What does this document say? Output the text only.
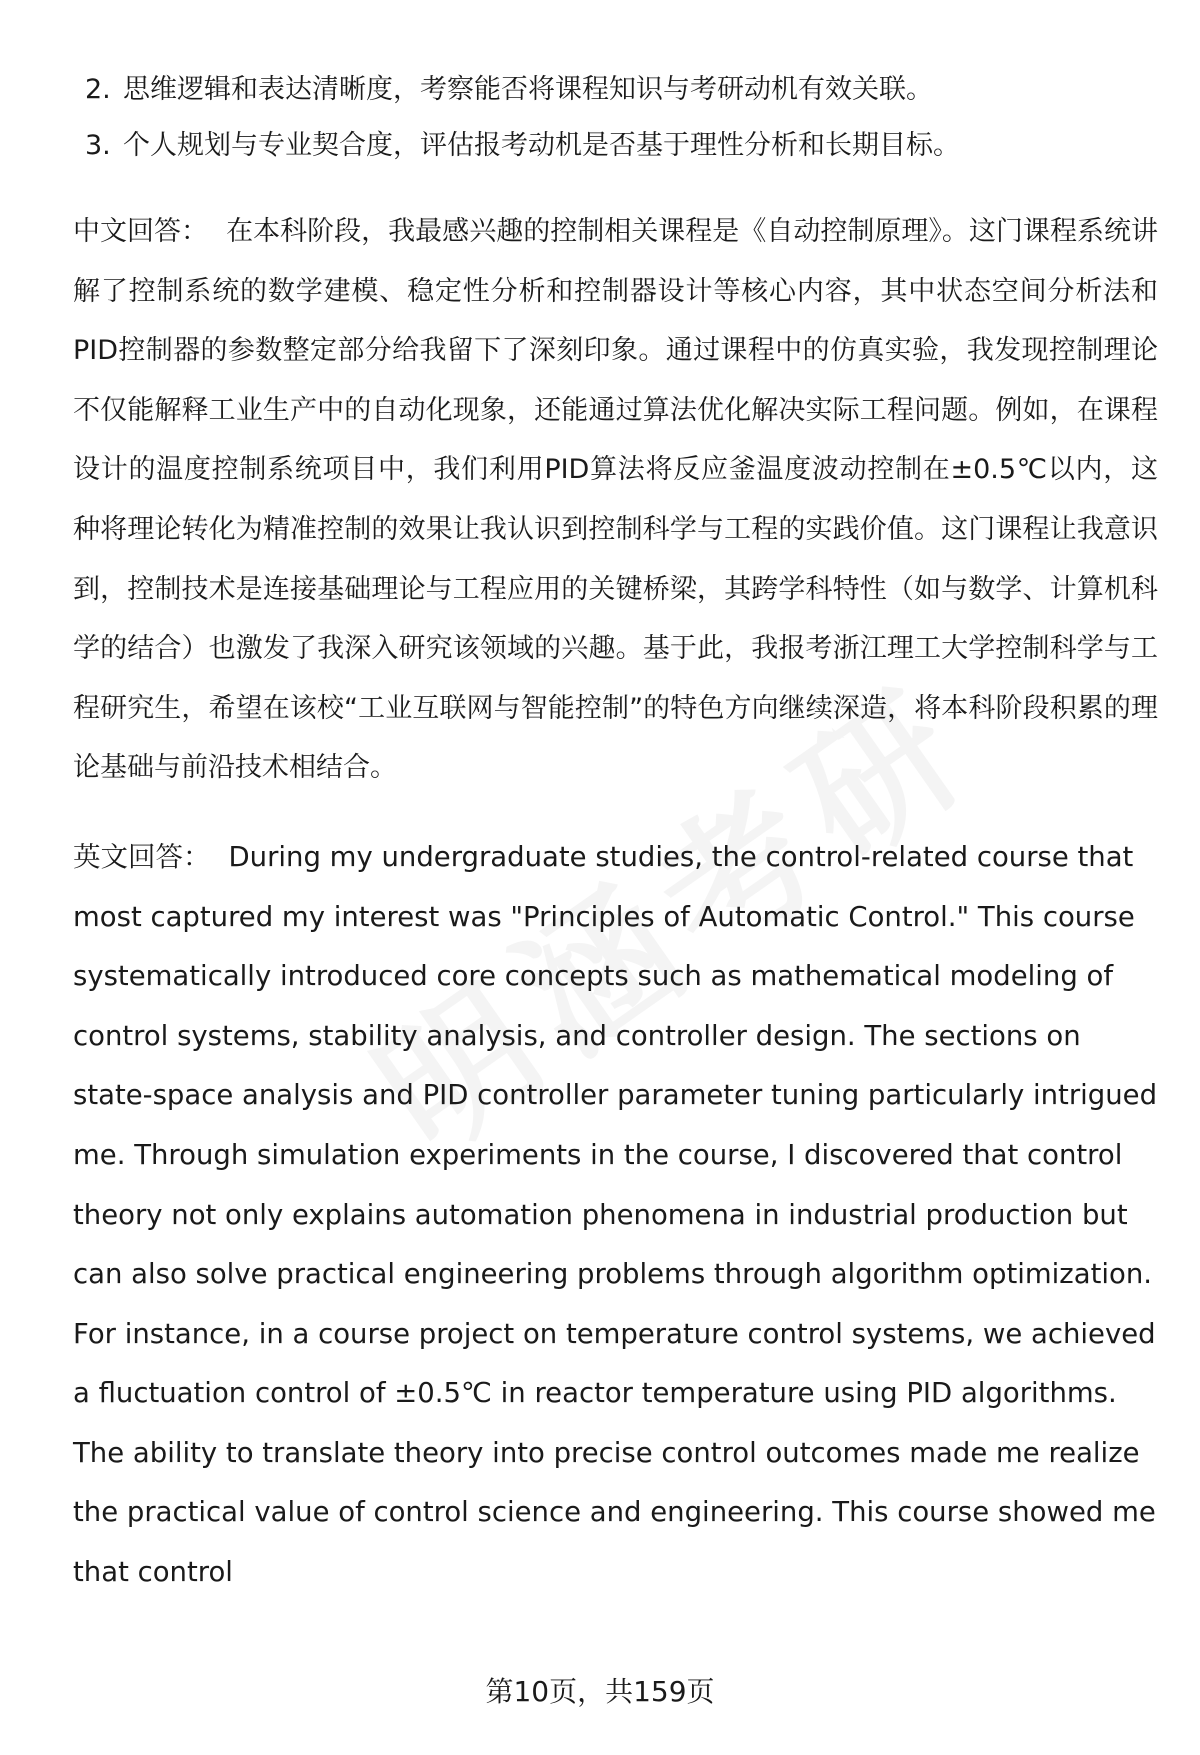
2. 思维逻辑和表达清晰度，考察能否将课程知识与考研动机有效关联。

3. 个人规划与专业契合度，评估报考动机是否基于理性分析和长期目标。

中文回答： 在本科阶段，我最感兴趣的控制相关课程是《自动控制原理》。这门课程系统讲解了控制系统的数学建模、稳定性分析和控制器设计等核心内容，其中状态空间分析法和PID控制器的参数整定部分给我留下了深刻印象。通过课程中的仿真实验，我发现控制理论不仅能解释工业生产中的自动化现象，还能通过算法优化解决实际工程问题。例如，在课程设计的温度控制系统项目中，我们利用PID算法将反应釜温度波动控制在±0.5℃以内，这种将理论转化为精准控制的效果让我认识到控制科学与工程的实践价值。这门课程让我意识到，控制技术是连接基础理论与工程应用的关键桥梁，其跨学科特性（如与数学、计算机科学的结合）也激发了我深入研究该领域的兴趣。基于此，我报考浙江理工大学控制科学与工程研究生，希望在该校“工业互联网与智能控制”的特色方向继续深造，将本科阶段积累的理论基础与前沿技术相结合。

英文回答： During my undergraduate studies, the control-related course that most captured my interest was "Principles of Automatic Control." This course systematically introduced core concepts such as mathematical modeling of control systems, stability analysis, and controller design. The sections on state-space analysis and PID controller parameter tuning particularly intrigued me. Through simulation experiments in the course, I discovered that control theory not only explains automation phenomena in industrial production but can also solve practical engineering problems through algorithm optimization. For instance, in a course project on temperature control systems, we achieved a fluctuation control of ±0.5℃ in reactor temperature using PID algorithms. The ability to translate theory into precise control outcomes made me realize the practical value of control science and engineering. This course showed me that control

第10页，共159页
